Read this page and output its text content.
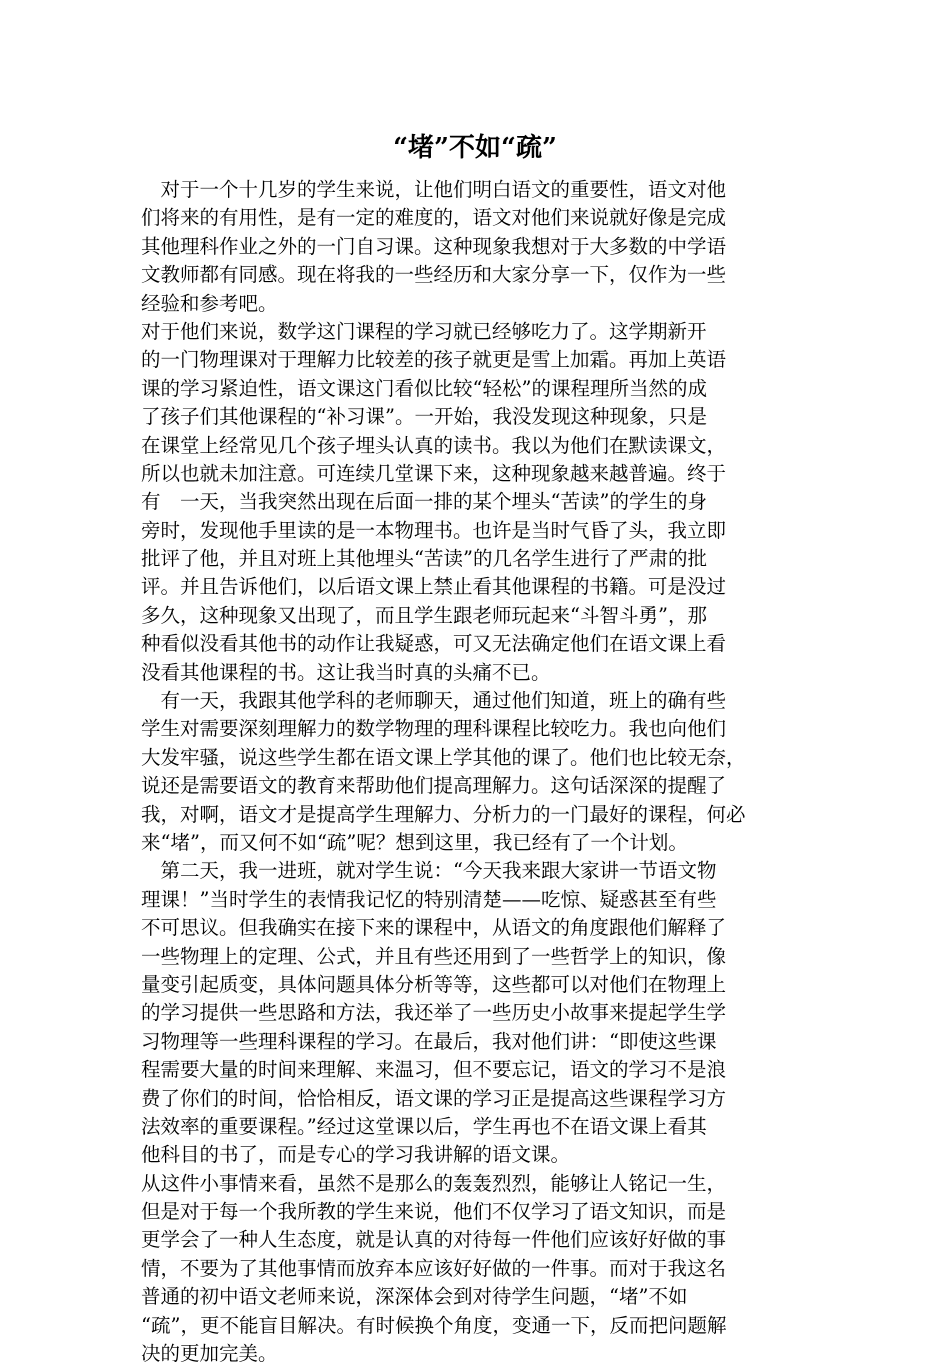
“堵”不如“疏”
　对于一个十几岁的学生来说，让他们明白语文的重要性，语文对他
们将来的有用性，是有一定的难度的，语文对他们来说就好像是完成
其他理科作业之外的一门自习课。这种现象我想对于大多数的中学语
文教师都有同感。现在将我的一些经历和大家分享一下，仅作为一些
经验和参考吧。
对于他们来说，数学这门课程的学习就已经够吃力了。这学期新开
的一门物理课对于理解力比较差的孩子就更是雪上加霜。再加上英语
课的学习紧迫性，语文课这门看似比较“轻松”的课程理所当然的成
了孩子们其他课程的“补习课”。一开始，我没发现这种现象，只是
在课堂上经常见几个孩子埋头认真的读书。我以为他们在默读课文，
所以也就未加注意。可连续几堂课下来，这种现象越来越普遍。终于
有　一天，当我突然出现在后面一排的某个埋头“苦读”的学生的身
旁时，发现他手里读的是一本物理书。也许是当时气昏了头，我立即
批评了他，并且对班上其他埋头“苦读”的几名学生进行了严肃的批
评。并且告诉他们，以后语文课上禁止看其他课程的书籍。可是没过
多久，这种现象又出现了，而且学生跟老师玩起来“斗智斗勇”，那
种看似没看其他书的动作让我疑惑，可又无法确定他们在语文课上看
没看其他课程的书。这让我当时真的头痛不已。
　有一天，我跟其他学科的老师聊天，通过他们知道，班上的确有些
学生对需要深刻理解力的数学物理的理科课程比较吃力。我也向他们
大发牢骚，说这些学生都在语文课上学其他的课了。他们也比较无奈，
说还是需要语文的教育来帮助他们提高理解力。这句话深深的提醒了
我，对啊，语文才是提高学生理解力、分析力的一门最好的课程，何必
来“堵”，而又何不如“疏”呢？想到这里，我已经有了一个计划。
　第二天，我一进班，就对学生说：“今天我来跟大家讲一节语文物
理课！”当时学生的表情我记忆的特别清楚——吃惊、疑惑甚至有些
不可思议。但我确实在接下来的课程中，从语文的角度跟他们解释了
一些物理上的定理、公式，并且有些还用到了一些哲学上的知识，像
量变引起质变，具体问题具体分析等等，这些都可以对他们在物理上
的学习提供一些思路和方法，我还举了一些历史小故事来提起学生学
习物理等一些理科课程的学习。在最后，我对他们讲：“即使这些课
程需要大量的时间来理解、来温习，但不要忘记，语文的学习不是浪
费了你们的时间，恰恰相反，语文课的学习正是提高这些课程学习方
法效率的重要课程。”经过这堂课以后，学生再也不在语文课上看其
他科目的书了，而是专心的学习我讲解的语文课。
从这件小事情来看，虽然不是那么的轰轰烈烈，能够让人铭记一生，
但是对于每一个我所教的学生来说，他们不仅学习了语文知识，而是
更学会了一种人生态度，就是认真的对待每一件他们应该好好做的事
情，不要为了其他事情而放弃本应该好好做的一件事。而对于我这名
普通的初中语文老师来说，深深体会到对待学生问题，“堵”不如
“疏”，更不能盲目解决。有时候换个角度，变通一下，反而把问题解
决的更加完美。
